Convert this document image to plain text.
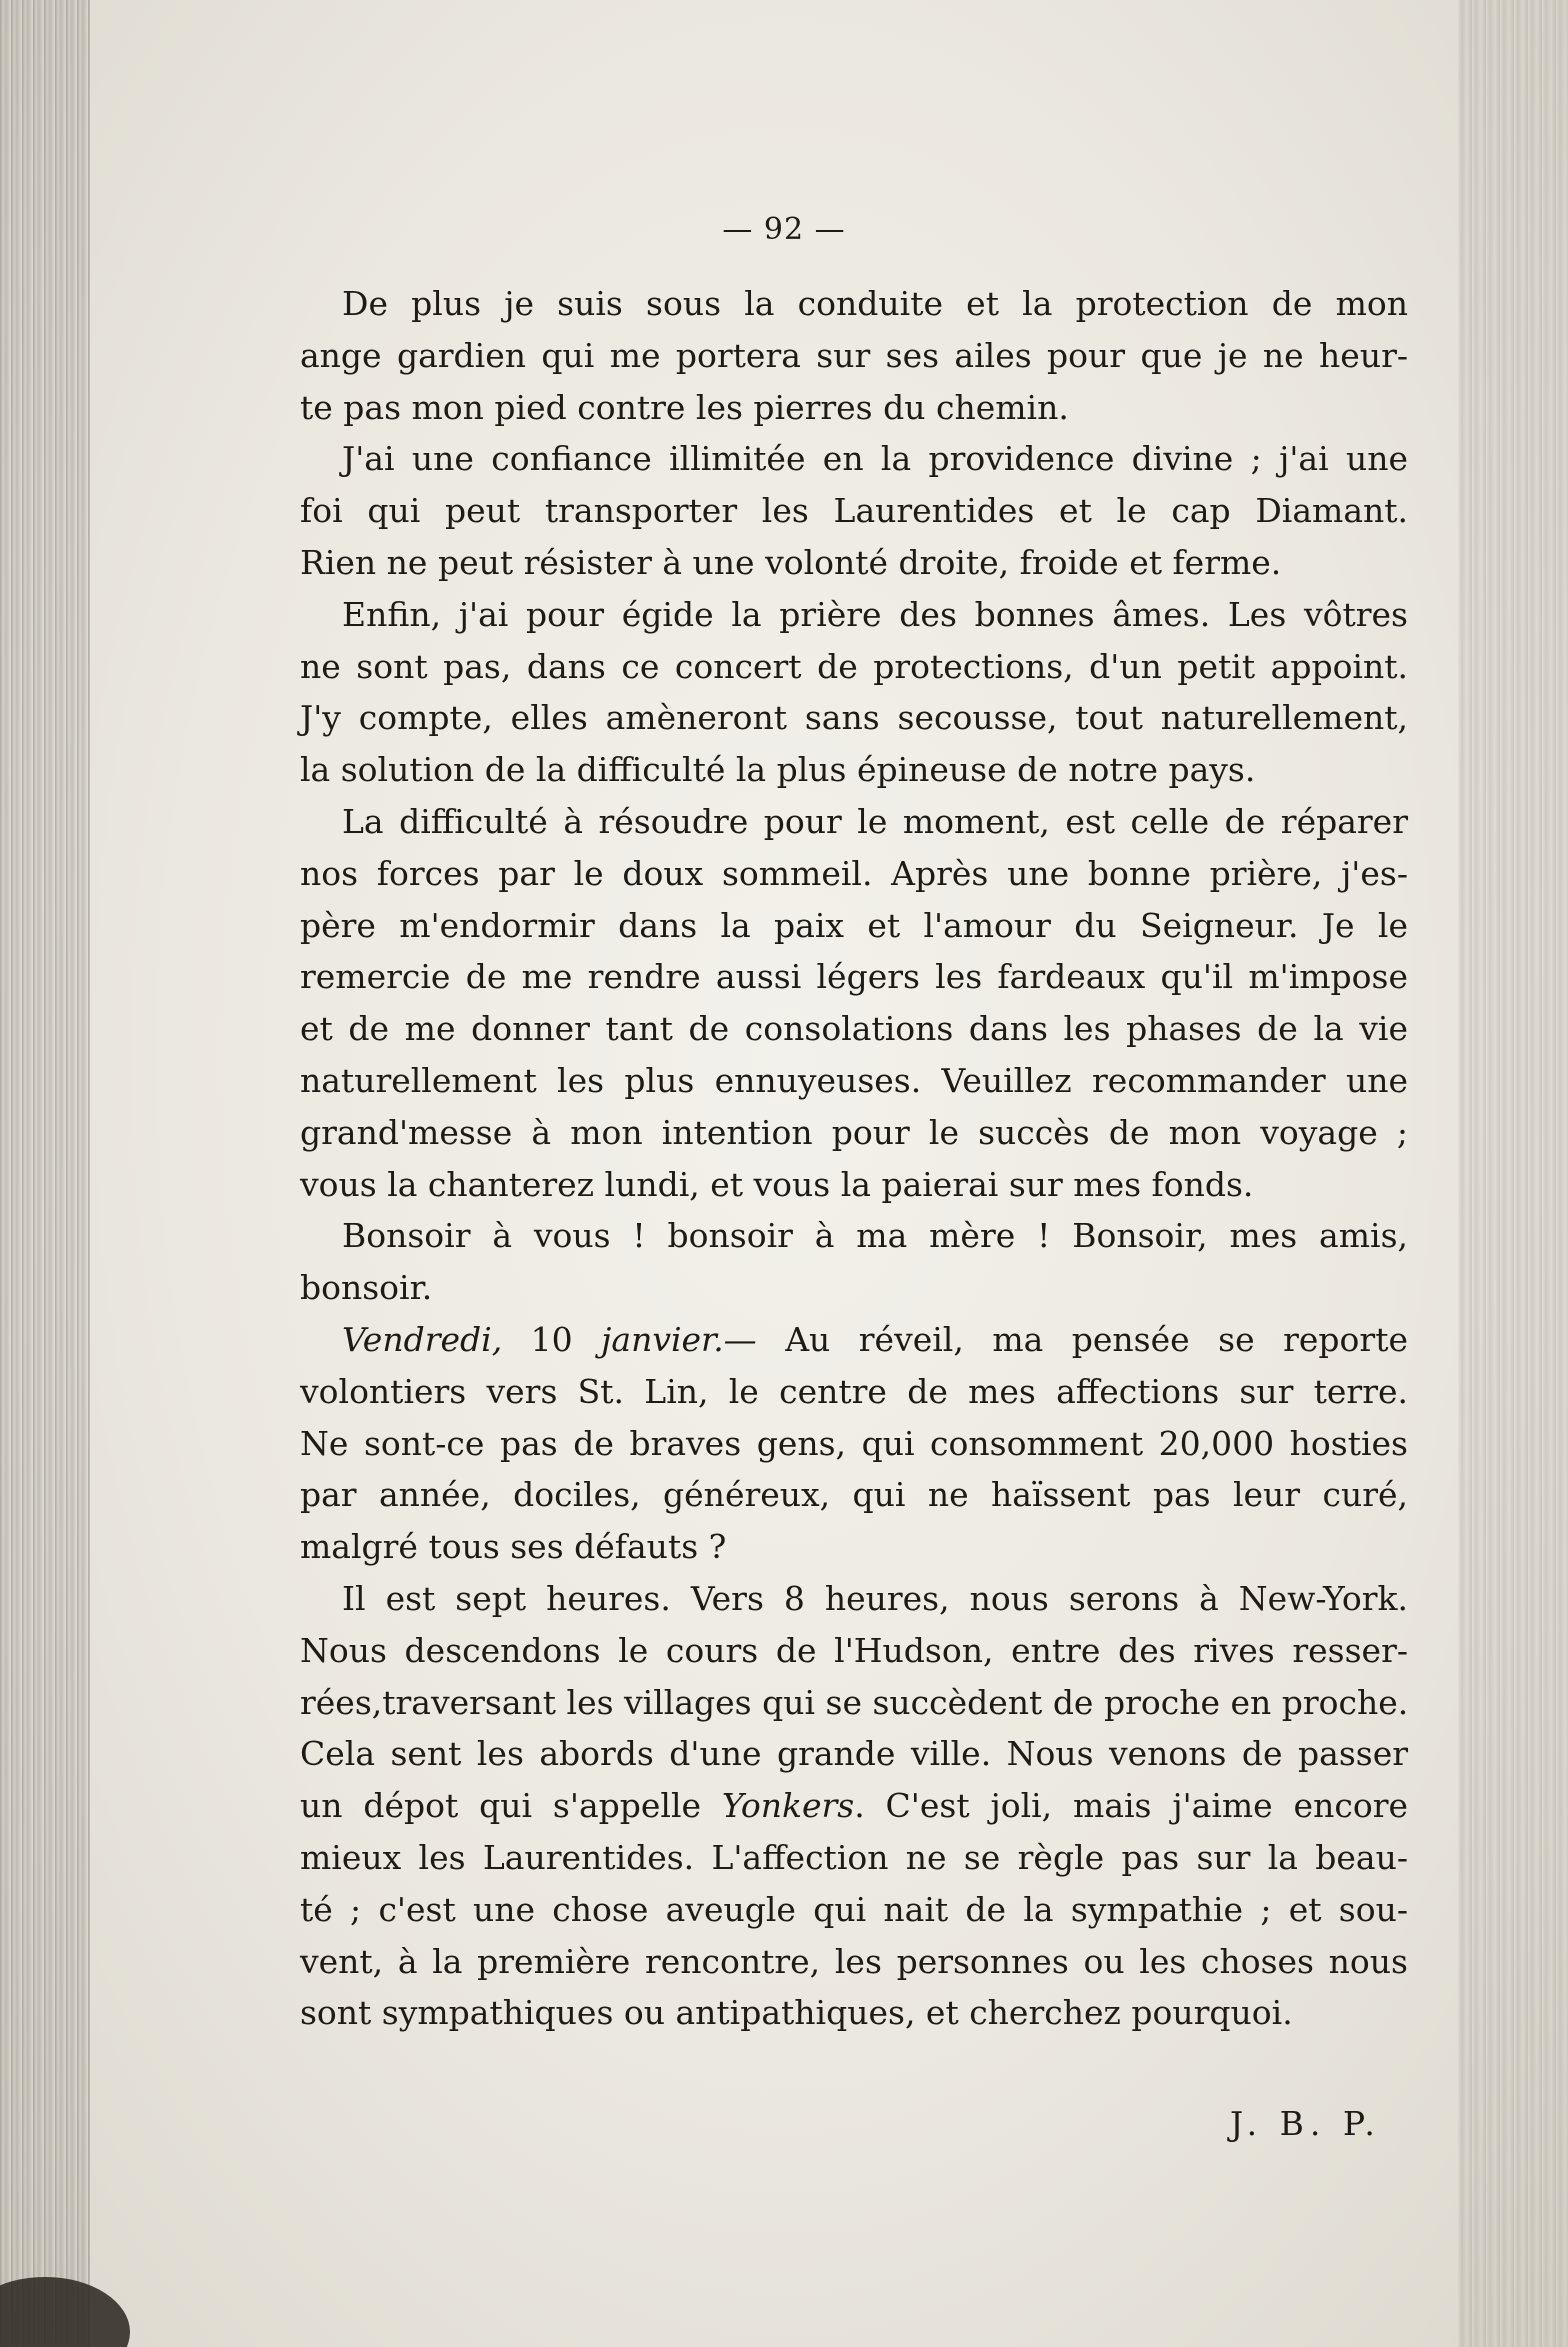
— 92 —
De plus je suis sous la conduite et la protection de mon
ange gardien qui me portera sur ses ailes pour que je ne heur-
te pas mon pied contre les pierres du chemin.
J'ai une confiance illimitée en la providence divine ; j'ai une
foi qui peut transporter les Laurentides et le cap Diamant.
Rien ne peut résister à une volonté droite, froide et ferme.
Enfin, j'ai pour égide la prière des bonnes âmes. Les vôtres
ne sont pas, dans ce concert de protections, d'un petit appoint.
J'y compte, elles amèneront sans secousse, tout naturellement,
la solution de la difficulté la plus épineuse de notre pays.
La difficulté à résoudre pour le moment, est celle de réparer
nos forces par le doux sommeil. Après une bonne prière, j'es-
père m'endormir dans la paix et l'amour du Seigneur. Je le
remercie de me rendre aussi légers les fardeaux qu'il m'impose
et de me donner tant de consolations dans les phases de la vie
naturellement les plus ennuyeuses. Veuillez recommander une
grand'messe à mon intention pour le succès de mon voyage ;
vous la chanterez lundi, et vous la paierai sur mes fonds.
Bonsoir à vous ! bonsoir à ma mère ! Bonsoir, mes amis,
bonsoir.
Vendredi, 10 janvier.— Au réveil, ma pensée se reporte
volontiers vers St. Lin, le centre de mes affections sur terre.
Ne sont-ce pas de braves gens, qui consomment 20,000 hosties
par année, dociles, généreux, qui ne haïssent pas leur curé,
malgré tous ses défauts ?
Il est sept heures. Vers 8 heures, nous serons à New-York.
Nous descendons le cours de l'Hudson, entre des rives resser-
rées,traversant les villages qui se succèdent de proche en proche.
Cela sent les abords d'une grande ville. Nous venons de passer
un dépot qui s'appelle Yonkers. C'est joli, mais j'aime encore
mieux les Laurentides. L'affection ne se règle pas sur la beau-
té ; c'est une chose aveugle qui nait de la sympathie ; et sou-
vent, à la première rencontre, les personnes ou les choses nous
sont sympathiques ou antipathiques, et cherchez pourquoi.
J. B. P.
